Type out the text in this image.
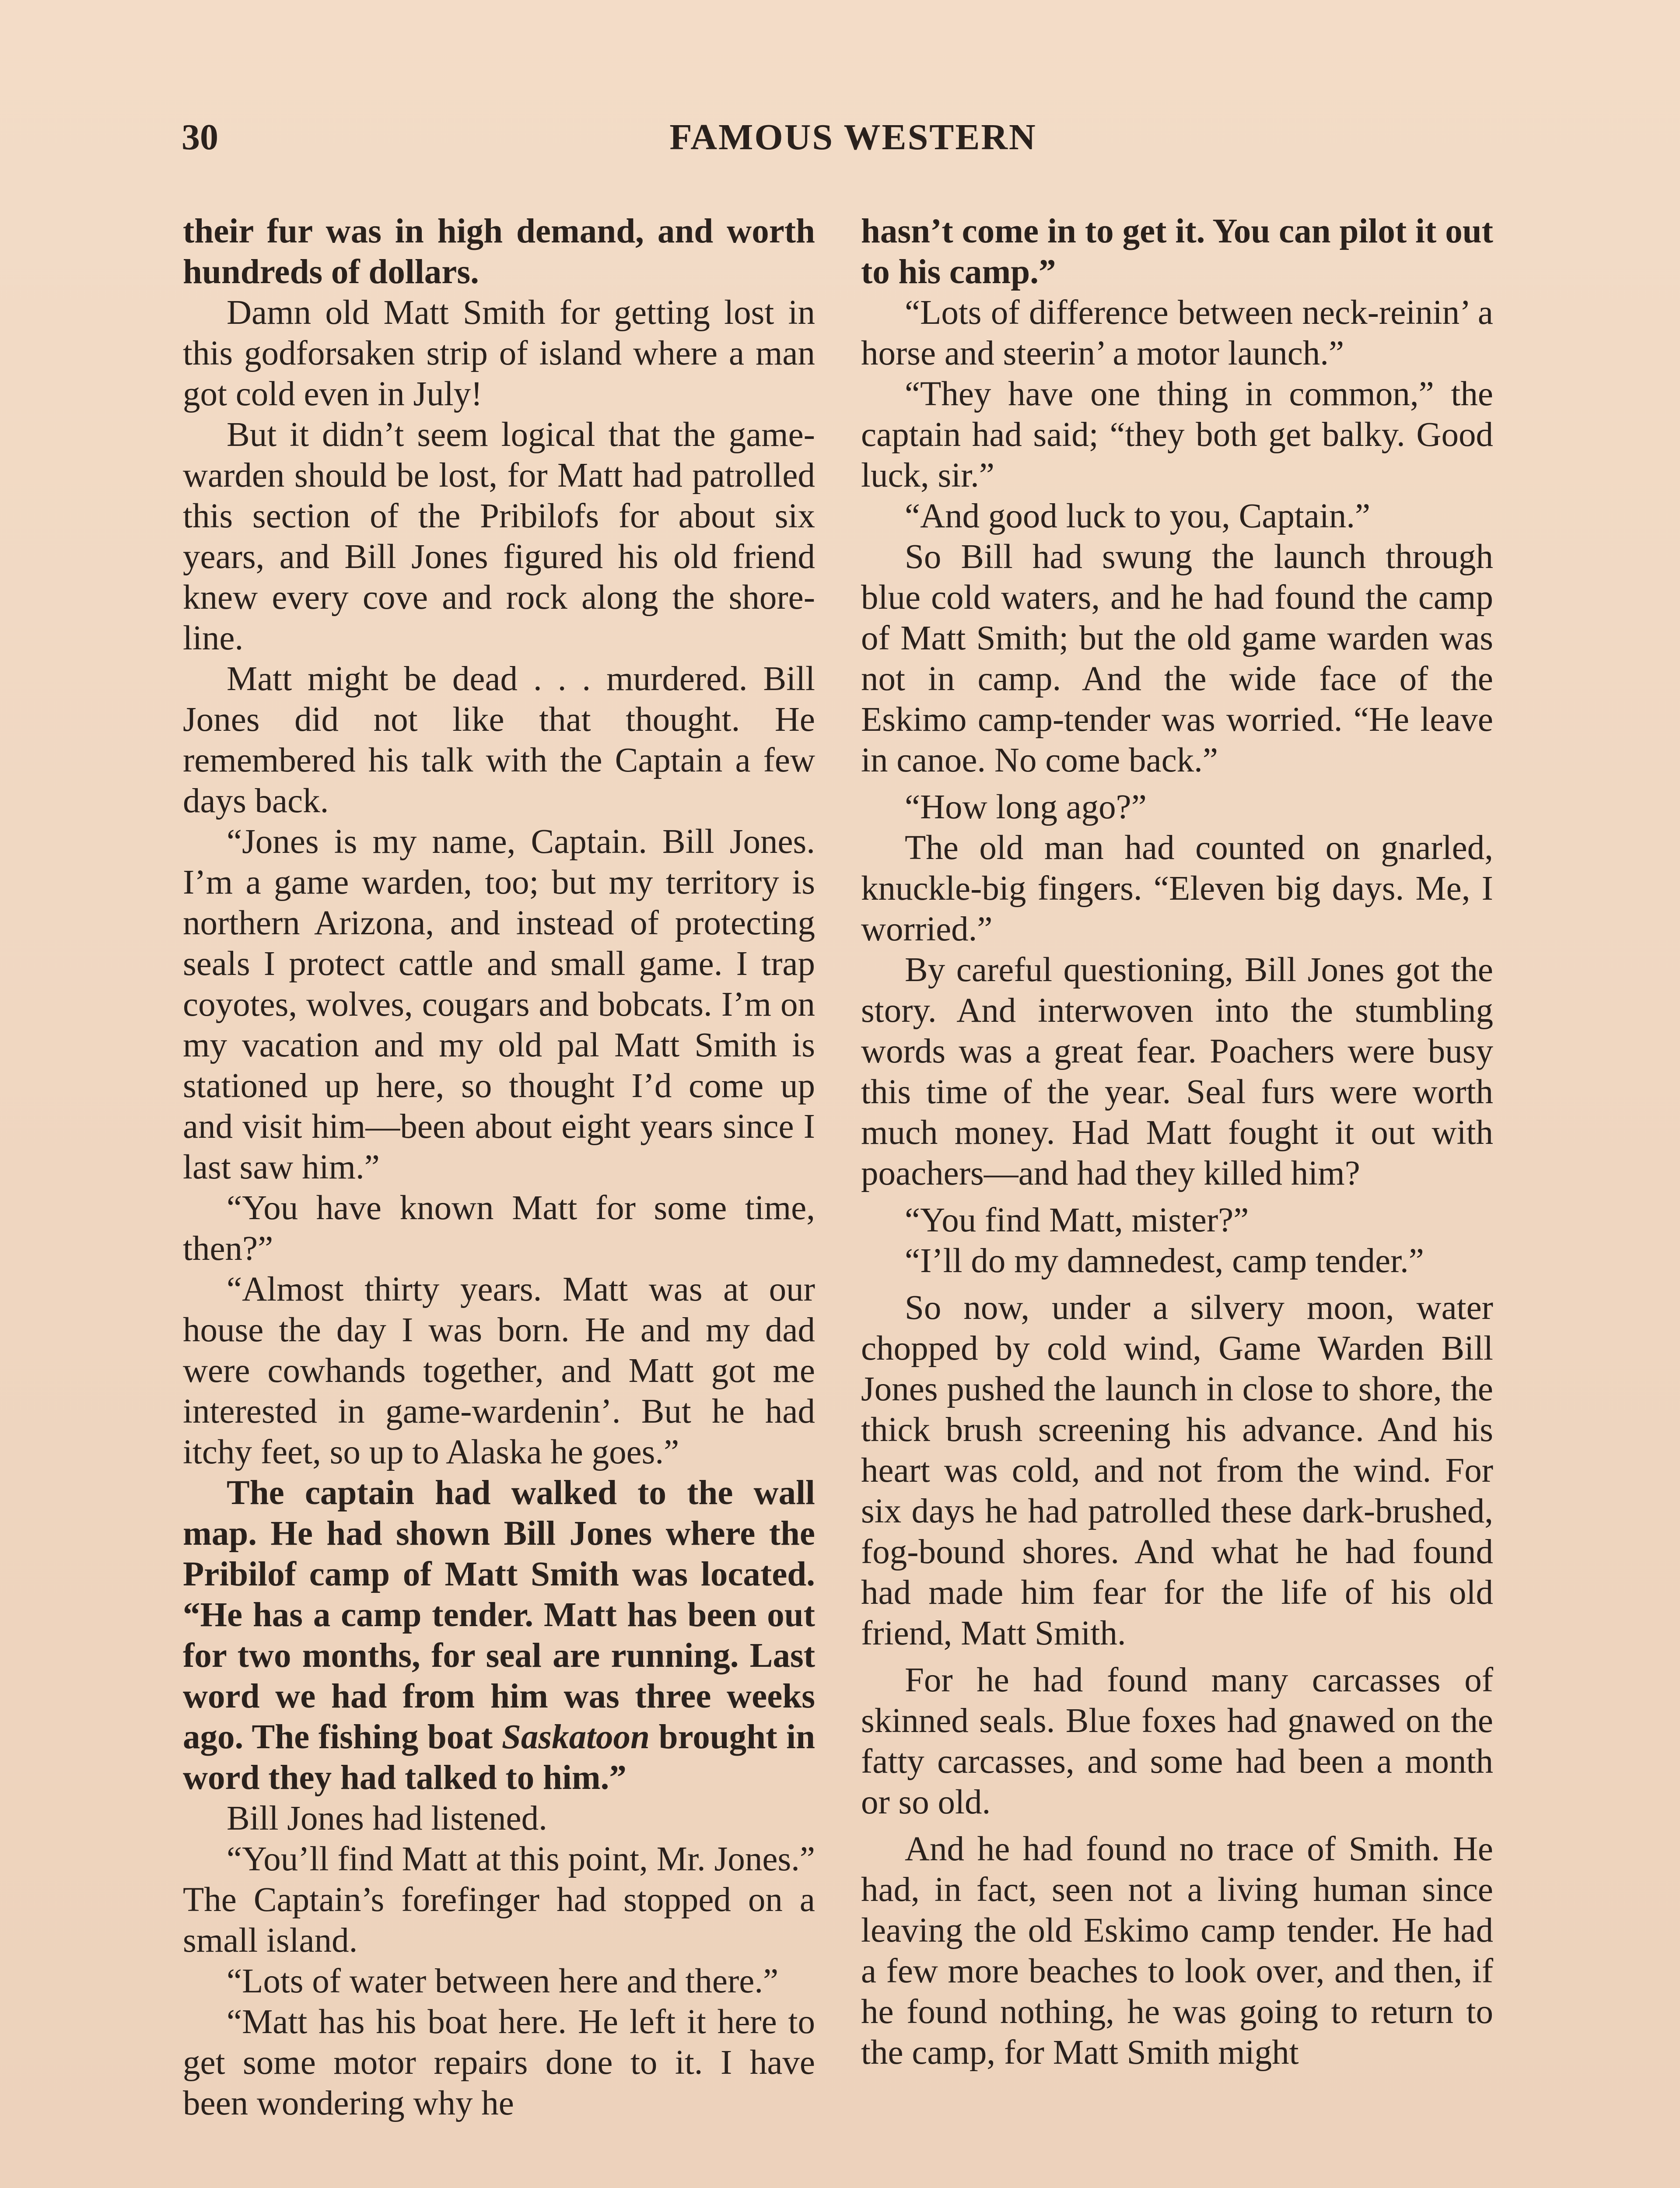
30	FAMOUS WESTERN

their fur was in high demand, and worth hundreds of dollars.

Damn old Matt Smith for getting lost in this godforsaken strip of island where a man got cold even in July!

But it didn’t seem logical that the game-warden should be lost, for Matt had patrolled this section of the Pribilofs for about six years, and Bill Jones figured his old friend knew every cove and rock along the shore-line.

Matt might be dead . . . murdered. Bill Jones did not like that thought. He remembered his talk with the Captain a few days back.

“Jones is my name, Captain. Bill Jones. I’m a game warden, too; but my territory is northern Arizona, and instead of protecting seals I protect cattle and small game. I trap coyotes, wolves, cougars and bobcats. I’m on my vacation and my old pal Matt Smith is stationed up here, so thought I’d come up and visit him—been about eight years since I last saw him.”

“You have known Matt for some time, then?”

“Almost thirty years. Matt was at our house the day I was born. He and my dad were cowhands together, and Matt got me interested in game-wardenin’. But he had itchy feet, so up to Alaska he goes.”

The captain had walked to the wall map. He had shown Bill Jones where the Pribilof camp of Matt Smith was located. “He has a camp tender. Matt has been out for two months, for seal are running. Last word we had from him was three weeks ago. The fishing boat Saskatoon brought in word they had talked to him.”

Bill Jones had listened.

“You’ll find Matt at this point, Mr. Jones.” The Captain’s forefinger had stopped on a small island.

“Lots of water between here and there.”

“Matt has his boat here. He left it here to get some motor repairs done to it. I have been wondering why he

hasn’t come in to get it. You can pilot it out to his camp.”

“Lots of difference between neck-reinin’ a horse and steerin’ a motor launch.”

“They have one thing in common,” the captain had said; “they both get balky. Good luck, sir.”

“And good luck to you, Captain.”

So Bill had swung the launch through blue cold waters, and he had found the camp of Matt Smith; but the old game warden was not in camp. And the wide face of the Eskimo camp-tender was worried. “He leave in canoe. No come back.”

“How long ago?”

The old man had counted on gnarled, knuckle-big fingers. “Eleven big days. Me, I worried.”

By careful questioning, Bill Jones got the story. And interwoven into the stumbling words was a great fear. Poachers were busy this time of the year. Seal furs were worth much money. Had Matt fought it out with poachers—and had they killed him?

“You find Matt, mister?”

“I’ll do my damnedest, camp tender.”

So now, under a silvery moon, water chopped by cold wind, Game Warden Bill Jones pushed the launch in close to shore, the thick brush screening his advance. And his heart was cold, and not from the wind. For six days he had patrolled these dark-brushed, fog-bound shores. And what he had found had made him fear for the life of his old friend, Matt Smith.

For he had found many carcasses of skinned seals. Blue foxes had gnawed on the fatty carcasses, and some had been a month or so old.

And he had found no trace of Smith. He had, in fact, seen not a living human since leaving the old Eskimo camp tender. He had a few more beaches to look over, and then, if he found nothing, he was going to return to the camp, for Matt Smith might
